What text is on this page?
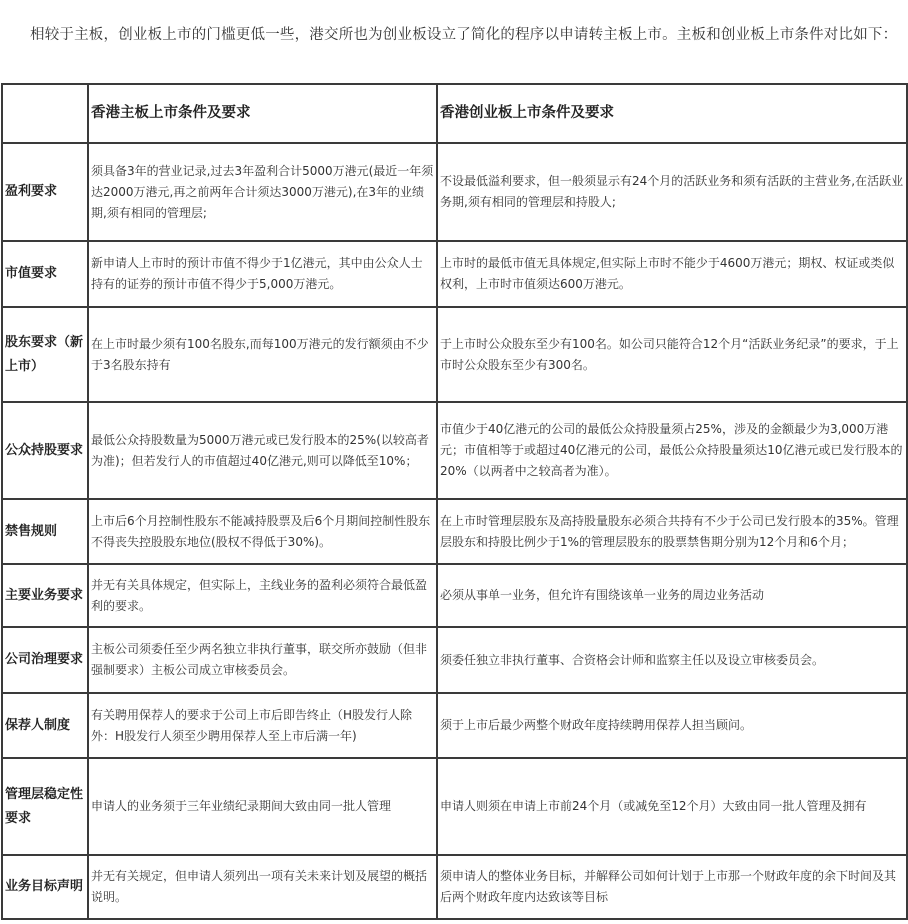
相较于主板，创业板上市的门槛更低一些，港交所也为创业板设立了简化的程序以申请转主板上市。主板和创业板上市条件对比如下：

	香港主板上市条件及要求	香港创业板上市条件及要求
盈利要求	须具备3年的营业记录,过去3年盈利合计5000万港元(最近一年须达2000万港元,再之前两年合计须达3000万港元),在3年的业绩期,须有相同的管理层;	不设最低溢利要求，但一般须显示有24个月的活跃业务和须有活跃的主营业务,在活跃业务期,须有相同的管理层和持股人;
市值要求	新申请人上市时的预计市值不得少于1亿港元，其中由公众人士持有的证券的预计市值不得少于5,000万港元。	上市时的最低市值无具体规定,但实际上市时不能少于4600万港元；期权、权证或类似权利，上市时市值须达600万港元。
股东要求（新上市）	在上市时最少须有100名股东,而每100万港元的发行额须由不少于3名股东持有	于上市时公众股东至少有100名。如公司只能符合12个月“活跃业务纪录”的要求，于上市时公众股东至少有300名。
公众持股要求	最低公众持股数量为5000万港元或已发行股本的25%(以较高者为准)；但若发行人的市值超过40亿港元,则可以降低至10%；	市值少于40亿港元的公司的最低公众持股量须占25%，涉及的金额最少为3,000万港元；市值相等于或超过40亿港元的公司，最低公众持股量须达10亿港元或已发行股本的20%（以两者中之较高者为准）。
禁售规则	上市后6个月控制性股东不能减持股票及后6个月期间控制性股东不得丧失控股股东地位(股权不得低于30%)。	在上市时管理层股东及高持股量股东必须合共持有不少于公司已发行股本的35%。管理层股东和持股比例少于1%的管理层股东的股票禁售期分别为12个月和6个月；
主要业务要求	并无有关具体规定，但实际上，主线业务的盈利必须符合最低盈利的要求。	必须从事单一业务，但允许有围绕该单一业务的周边业务活动
公司治理要求	主板公司须委任至少两名独立非执行董事，联交所亦鼓励（但非强制要求）主板公司成立审核委员会。	须委任独立非执行董事、合资格会计师和监察主任以及设立审核委员会。
保荐人制度	有关聘用保荐人的要求于公司上市后即告终止（H股发行人除外：H股发行人须至少聘用保荐人至上市后满一年)	须于上市后最少两整个财政年度持续聘用保荐人担当顾问。
管理层稳定性要求	申请人的业务须于三年业绩纪录期间大致由同一批人管理	申请人则须在申请上市前24个月（或减免至12个月）大致由同一批人管理及拥有
业务目标声明	并无有关规定，但申请人须列出一项有关未来计划及展望的概括说明。	须申请人的整体业务目标，并解释公司如何计划于上市那一个财政年度的余下时间及其后两个财政年度内达致该等目标
